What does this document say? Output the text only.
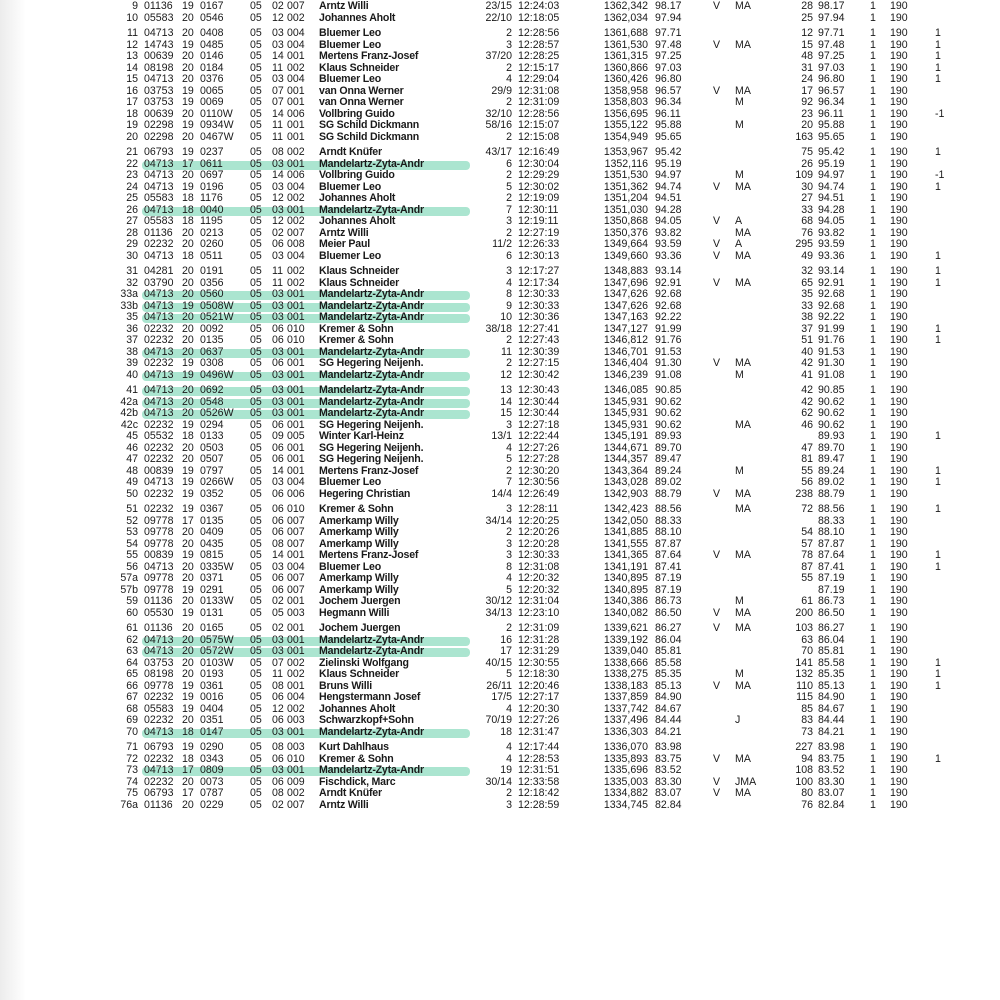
9 01136 19 0167 05 02 007 Arntz Willi	23/15 12:24:03	1362,342 98.17	V MA	28 98.17 1 190
10 05583 20 0546 05 12 002 Johannes Aholt	22/10 12:18:05	1362,034 97.94	25 97.94 1 190
11 04713 20 0408 05 03 004 Bluemer Leo	2 12:28:56	1361,688 97.71	12 97.71 1 190	1
12 14743 19 0485 05 03 004 Bluemer Leo	3 12:28:57	1361,530 97.48	V MA	15 97.48 1 190	1
13 00639 20 0146 05 14 001 Mertens Franz-Josef	37/20 12:28:25	1361,315 97.25	48 97.25 1 190	1
14 08198 20 0184 05 11 002 Klaus Schneider	2 12:15:17	1360,866 97.03	31 97.03 1 190	1
15 04713 20 0376 05 03 004 Bluemer Leo	4 12:29:04	1360,426 96.80	24 96.80 1 190	1
16 03753 19 0065 05 07 001 van Onna Werner	29/9 12:31:08	1358,958 96.57	V MA	17 96.57 1 190
17 03753 19 0069 05 07 001 van Onna Werner	2 12:31:09	1358,803 96.34	M	92 96.34 1 190
18 00639 20 0110W 05 14 006 Vollbring Guido	32/10 12:28:56	1356,695 96.11	23 96.11 1 190	-1
19 02298 19 0934W 05 11 001 SG Schild Dickmann	58/16 12:15:07	1355,122 95.88	M	20 95.88 1 190
20 02298 20 0467W 05 11 001 SG Schild Dickmann	2 12:15:08	1354,949 95.65	163 95.65 1 190
21 06793 19 0237 05 08 002 Arndt Knüfer	43/17 12:16:49	1353,967 95.42	75 95.42 1 190	1
22 04713 17 0611	05 03 001 Mandelartz-Zyta-Andr	6 12:30:04	1352,116 95.19	26 95.19 1 190
23 04713 20 0697 05 14 006 Vollbring Guido	2 12:29:29	1351,530 94.97	M	109 94.97 1 190	-1
24 04713 19 0196 05 03 004 Bluemer Leo	5 12:30:02	1351,362 94.74	V MA	30 94.74 1 190	1
25 05583 18 1176	05 12 002 Johannes Aholt	2 12:19:09	1351,204 94.51	27 94.51 1 190
26 04713 18 0040 05 03 001 Mandelartz-Zyta-Andr	7 12:30:11	1351,030 94.28	33 94.28 1 190
27 05583 18 1195	05 12 002 Johannes Aholt	3 12:19:11	1350,868 94.05	V A	68 94.05 1 190
28 01136 20 0213 05 02 007 Arntz Willi	2 12:27:19	1350,376 93.82	MA	76 93.82 1 190
29 02232 20 0260 05 06 008 Meier Paul	11/2 12:26:33	1349,664 93.59	V A	295 93.59 1 190
30 04713 18 0511	05 03 004 Bluemer Leo	6 12:30:13	1349,660 93.36	V MA	49 93.36 1 190	1
31 04281 20 0191 05 11 002 Klaus Schneider	3 12:17:27	1348,883 93.14	32 93.14 1 190	1
32 03790 20 0356 05 11 002 Klaus Schneider	4 12:17:34	1347,696 92.91	V MA	65 92.91 1 190	1
33a 04713 20 0560 05 03 001 Mandelartz-Zyta-Andr	8 12:30:33	1347,626 92.68	35 92.68 1 190
33b 04713 19 0508W 05 03 001 Mandelartz-Zyta-Andr	9 12:30:33	1347,626 92.68	33 92.68 1 190
35 04713 20 0521W 05 03 001 Mandelartz-Zyta-Andr	10 12:30:36	1347,163 92.22	38 92.22 1 190
36 02232 20 0092 05 06 010 Kremer & Sohn	38/18 12:27:41	1347,127 91.99	37 91.99 1 190	1
37 02232 20 0135 05 06 010 Kremer & Sohn	2 12:27:43	1346,812 91.76	51 91.76 1 190	1
38 04713 20 0637 05 03 001 Mandelartz-Zyta-Andr	11 12:30:39	1346,701 91.53	40 91.53 1 190
39 02232 19 0308 05 06 001 SG Hegering Neijenh.	2 12:27:15	1346,404 91.30	V MA	42 91.30 1 190
40 04713 19 0496W 05 03 001 Mandelartz-Zyta-Andr	12 12:30:42	1346,239 91.08	M	41 91.08 1 190
41 04713 20 0692 05 03 001 Mandelartz-Zyta-Andr	13 12:30:43	1346,085 90.85	42 90.85 1 190
42a 04713 20 0548 05 03 001 Mandelartz-Zyta-Andr	14 12:30:44	1345,931 90.62	42 90.62 1 190
42b 04713 20 0526W 05 03 001 Mandelartz-Zyta-Andr	15 12:30:44	1345,931 90.62	62 90.62 1 190
42c 02232 19 0294 05 06 001 SG Hegering Neijenh.	3 12:27:18	1345,931 90.62	MA	46 90.62 1 190
45 05532 18 0133 05 09 005 Winter Karl-Heinz	13/1 12:22:44	1345,191 89.93	89.93 1 190	1
46 02232 20 0503 05 06 001 SG Hegering Neijenh.	4 12:27:26	1344,671 89.70	47 89.70 1 190
47 02232 20 0507 05 06 001 SG Hegering Neijenh.	5 12:27:28	1344,357 89.47	81 89.47 1 190
48 00839 19 0797 05 14 001 Mertens Franz-Josef	2 12:30:20	1343,364 89.24	M	55 89.24 1 190	1
49 04713 19 0266W 05 03 004 Bluemer Leo	7 12:30:56	1343,028 89.02	56 89.02 1 190	1
50 02232 19 0352 05 06 006 Hegering Christian	14/4 12:26:49	1342,903 88.79	V MA	238 88.79 1 190
51 02232 19 0367 05 06 010 Kremer & Sohn	3 12:28:11	1342,423 88.56	MA	72 88.56 1 190	1
52 09778 17 0135 05 06 007 Amerkamp Willy	34/14 12:20:25	1342,050 88.33	88.33 1 190
53 09778 20 0409 05 06 007 Amerkamp Willy	2 12:20:26	1341,885 88.10	54 88.10 1 190
54 09778 20 0435 05 08 007 Amerkamp Willy	3 12:20:28	1341,555 87.87	57 87.87 1 190
55 00839 19 0815 05 14 001 Mertens Franz-Josef	3 12:30:33	1341,365 87.64	V MA	78 87.64 1 190	1
56 04713 20 0335W 05 03 004 Bluemer Leo	8 12:31:08	1341,191 87.41	87 87.41 1 190	1
57a 09778 20 0371 05 06 007 Amerkamp Willy	4 12:20:32	1340,895 87.19	55 87.19 1 190
57b 09778 19 0291 05 06 007 Amerkamp Willy	5 12:20:32	1340,895 87.19	87.19 1 190
59 01136 20 0133W 05 02 001 Jochem Juergen	30/12 12:31:04	1340,386 86.73	M	61 86.73 1 190
60 05530 19 0131 05 05 003 Hegmann Willi	34/13 12:23:10	1340,082 86.50	V MA	200 86.50 1 190
61 01136 20 0165 05 02 001 Jochem Juergen	2 12:31:09	1339,621 86.27	V MA	103 86.27 1 190
62 04713 20 0575W 05 03 001 Mandelartz-Zyta-Andr	16 12:31:28	1339,192 86.04	63 86.04 1 190
63 04713 20 0572W 05 03 001 Mandelartz-Zyta-Andr	17 12:31:29	1339,040 85.81	70 85.81 1 190
64 03753 20 0103W 05 07 002 Zielinski Wolfgang	40/15 12:30:55	1338,666 85.58	141 85.58 1 190	1
65 08198 20 0193 05 11 002 Klaus Schneider	5 12:18:30	1338,275 85.35	M	132 85.35 1 190	1
66 09778 19 0361 05 08 001 Bruns Willi	26/11 12:20:46	1338,183 85.13	V MA	110 85.13 1 190	1
67 02232 19 0016 05 06 004 Hengstermann Josef	17/5 12:27:17	1337,859 84.90	115 84.90 1 190
68 05583 19 0404 05 12 002 Johannes Aholt	4 12:20:30	1337,742 84.67	85 84.67 1 190
69 02232 20 0351 05 06 003 Schwarzkopf+Sohn	70/19 12:27:26	1337,496 84.44	J	83 84.44 1 190
70 04713 18 0147 05 03 001 Mandelartz-Zyta-Andr	18 12:31:47	1336,303 84.21	73 84.21 1 190
71 06793 19 0290 05 08 003 Kurt Dahlhaus	4 12:17:44	1336,070 83.98	227 83.98 1 190
72 02232 18 0343 05 06 010 Kremer & Sohn	4 12:28:53	1335,893 83.75	V MA	94 83.75 1 190	1
73 04713 17 0809 05 03 001 Mandelartz-Zyta-Andr	19 12:31:51	1335,696 83.52	108 83.52 1 190
74 02232 20 0073 05 06 009 Fischdick, Marc	30/14 12:33:58	1335,003 83.30	V JMA	100 83.30 1 190
75 06793 17 0787 05 08 002 Arndt Knüfer	2 12:18:42	1334,882 83.07	V MA	80 83.07 1 190
76a 01136 20 0229 05 02 007 Arntz Willi	3 12:28:59	1334,745 82.84	76 82.84 1 190
